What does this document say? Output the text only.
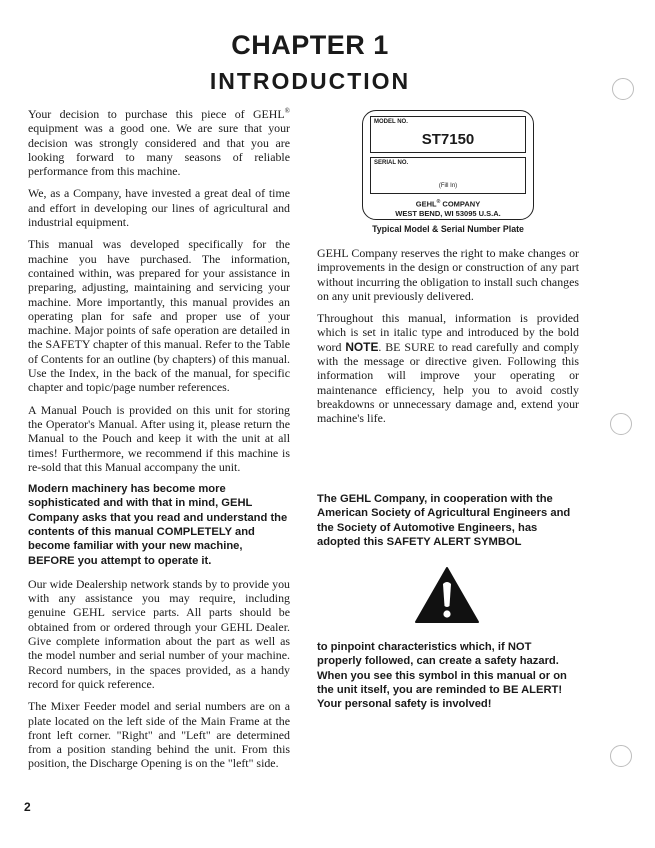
CHAPTER 1
INTRODUCTION

Your decision to purchase this piece of GEHL® equipment was a good one. We are sure that your decision was strongly considered and that you are looking forward to many seasons of reliable performance from this machine.

We, as a Company, have invested a great deal of time and effort in developing our lines of agricultural and industrial equipment.

This manual was developed specifically for the machine you have purchased. The information, contained within, was prepared for your assistance in preparing, adjusting, maintaining and servicing your machine. More importantly, this manual provides an operating plan for safe and proper use of your machine. Major points of safe operation are detailed in the SAFETY chapter of this manual. Refer to the Table of Contents for an outline (by chapters) of this manual. Use the Index, in the back of the manual, for specific chapter and topic/page number references.

A Manual Pouch is provided on this unit for storing the Operator's Manual. After using it, please return the Manual to the Pouch and keep it with the unit at all times! Furthermore, we recommend if this machine is re-sold that this Manual accompany the unit.

Modern machinery has become more sophisticated and with that in mind, GEHL Company asks that you read and understand the contents of this manual COMPLETELY and become familiar with your new machine, BEFORE you attempt to operate it.

Our wide Dealership network stands by to provide you with any assistance you may require, including genuine GEHL service parts. All parts should be obtained from or ordered through your GEHL Dealer. Give complete information about the part as well as the model number and serial number of your machine. Record numbers, in the spaces provided, as a handy record for quick reference.

The Mixer Feeder model and serial numbers are on a plate located on the left side of the Main Frame at the front left corner. "Right" and "Left" are determined from a position standing behind the unit. From this position, the Discharge Opening is on the "left" side.

MODEL NO.
ST7150
SERIAL NO.
(Fill In)
GEHL® COMPANY
WEST BEND, WI 53095 U.S.A.
Typical Model & Serial Number Plate

GEHL Company reserves the right to make changes or improvements in the design or construction of any part without incurring the obligation to install such changes on any unit previously delivered.

Throughout this manual, information is provided which is set in italic type and introduced by the bold word NOTE. BE SURE to read carefully and comply with the message or directive given. Following this information will improve your operating or maintenance efficiency, help you to avoid costly breakdowns or unnecessary damage and, extend your machine's life.

The GEHL Company, in cooperation with the American Society of Agricultural Engineers and the Society of Automotive Engineers, has adopted this SAFETY ALERT SYMBOL

to pinpoint characteristics which, if NOT properly followed, can create a safety hazard. When you see this symbol in this manual or on the unit itself, you are reminded to BE ALERT! Your personal safety is involved!

2
